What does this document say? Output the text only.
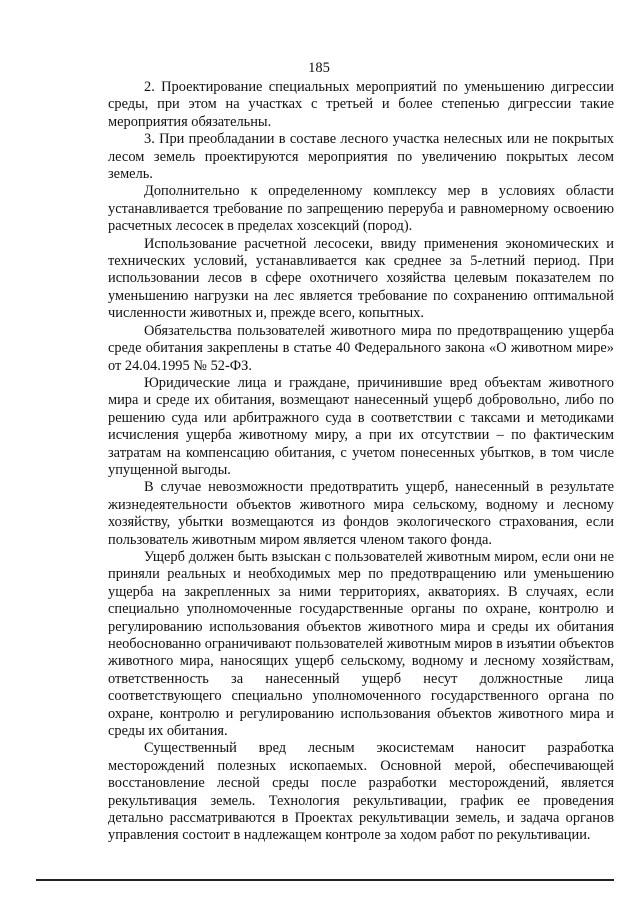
185

2. Проектирование специальных мероприятий по уменьшению дигрессии среды, при этом на участках с третьей и более степенью дигрессии такие мероприятия обязательны.

3. При преобладании в составе лесного участка нелесных или не покрытых лесом земель проектируются мероприятия по увеличению покрытых лесом земель.

Дополнительно к определенному комплексу мер в условиях области устанавливается требование по запрещению переруба и равномерному освоению расчетных лесосек в пределах хозсекций (пород).

Использование расчетной лесосеки, ввиду применения экономических и технических условий, устанавливается как среднее за 5-летний период. При использовании лесов в сфере охотничего хозяйства целевым показателем по уменьшению нагрузки на лес является требование по сохранению оптимальной численности животных и, прежде всего, копытных.

Обязательства пользователей животного мира по предотвращению ущерба среде обитания закреплены в статье 40 Федерального закона «О животном мире» от 24.04.1995 № 52-ФЗ.

Юридические лица и граждане, причинившие вред объектам животного мира и среде их обитания, возмещают нанесенный ущерб добровольно, либо по решению суда или арбитражного суда в соответствии с таксами и методиками исчисления ущерба животному миру, а при их отсутствии – по фактическим затратам на компенсацию обитания, с учетом понесенных убытков, в том числе упущенной выгоды.

В случае невозможности предотвратить ущерб, нанесенный в результате жизнедеятельности объектов животного мира сельскому, водному и лесному хозяйству, убытки возмещаются из фондов экологического страхования, если пользователь животным миром является членом такого фонда.

Ущерб должен быть взыскан с пользователей животным миром, если они не приняли реальных и необходимых мер по предотвращению или уменьшению ущерба на закрепленных за ними территориях, акваториях. В случаях, если специально уполномоченные государственные органы по охране, контролю и регулированию использования объектов животного мира и среды их обитания необоснованно ограничивают пользователей животным миров в изъятии объектов животного мира, наносящих ущерб сельскому, водному и лесному хозяйствам, ответственность за нанесенный ущерб несут должностные лица соответствующего специально уполномоченного государственного органа по охране, контролю и регулированию использования объектов животного мира и среды их обитания.

Существенный вред лесным экосистемам наносит разработка месторождений полезных ископаемых. Основной мерой, обеспечивающей восстановление лесной среды после разработки месторождений, является рекультивация земель. Технология рекультивации, график ее проведения детально рассматриваются в Проектах рекультивации земель, и задача органов управления состоит в надлежащем контроле за ходом работ по рекультивации.
